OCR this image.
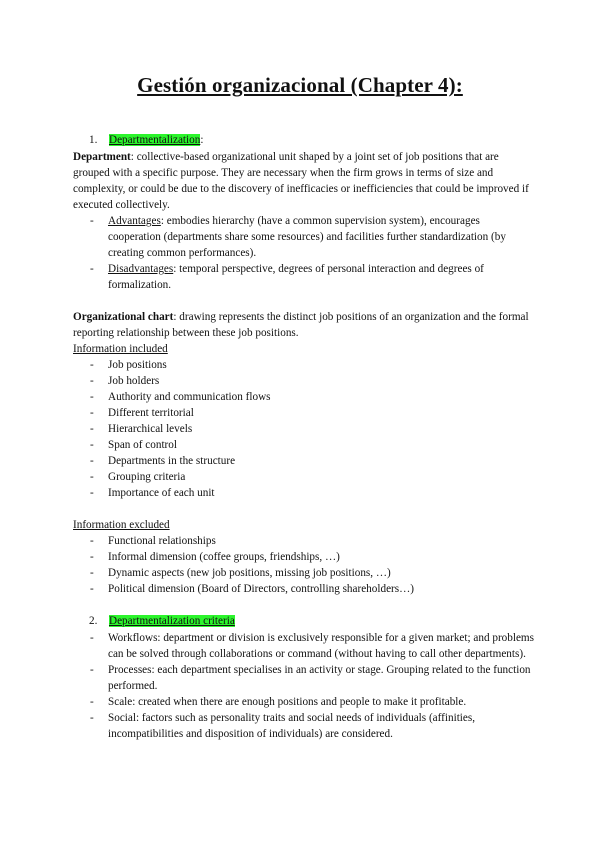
Gestión organizacional (Chapter 4):
1. Departmentalization:

Department: collective-based organizational unit shaped by a joint set of job positions that are grouped with a specific purpose. They are necessary when the firm grows in terms of size and complexity, or could be due to the discovery of inefficacies or inefficiencies that could be improved if executed collectively.

- Advantages: embodies hierarchy (have a common supervision system), encourages cooperation (departments share some resources) and facilities further standardization (by creating common performances).
- Disadvantages: temporal perspective, degrees of personal interaction and degrees of formalization.

Organizational chart: drawing represents the distinct job positions of an organization and the formal reporting relationship between these job positions.

Information included
- Job positions
- Job holders
- Authority and communication flows
- Different territorial
- Hierarchical levels
- Span of control
- Departments in the structure
- Grouping criteria
- Importance of each unit
Information excluded
- Functional relationships
- Informal dimension (coffee groups, friendships, …)
- Dynamic aspects (new job positions, missing job positions, …)
- Political dimension (Board of Directors, controlling shareholders…)
2. Departmentalization criteria
- Workflows: department or division is exclusively responsible for a given market; and problems can be solved through collaborations or command (without having to call other departments).
- Processes: each department specialises in an activity or stage. Grouping related to the function performed.
- Scale: created when there are enough positions and people to make it profitable.
- Social: factors such as personality traits and social needs of individuals (affinities, incompatibilities and disposition of individuals) are considered.
